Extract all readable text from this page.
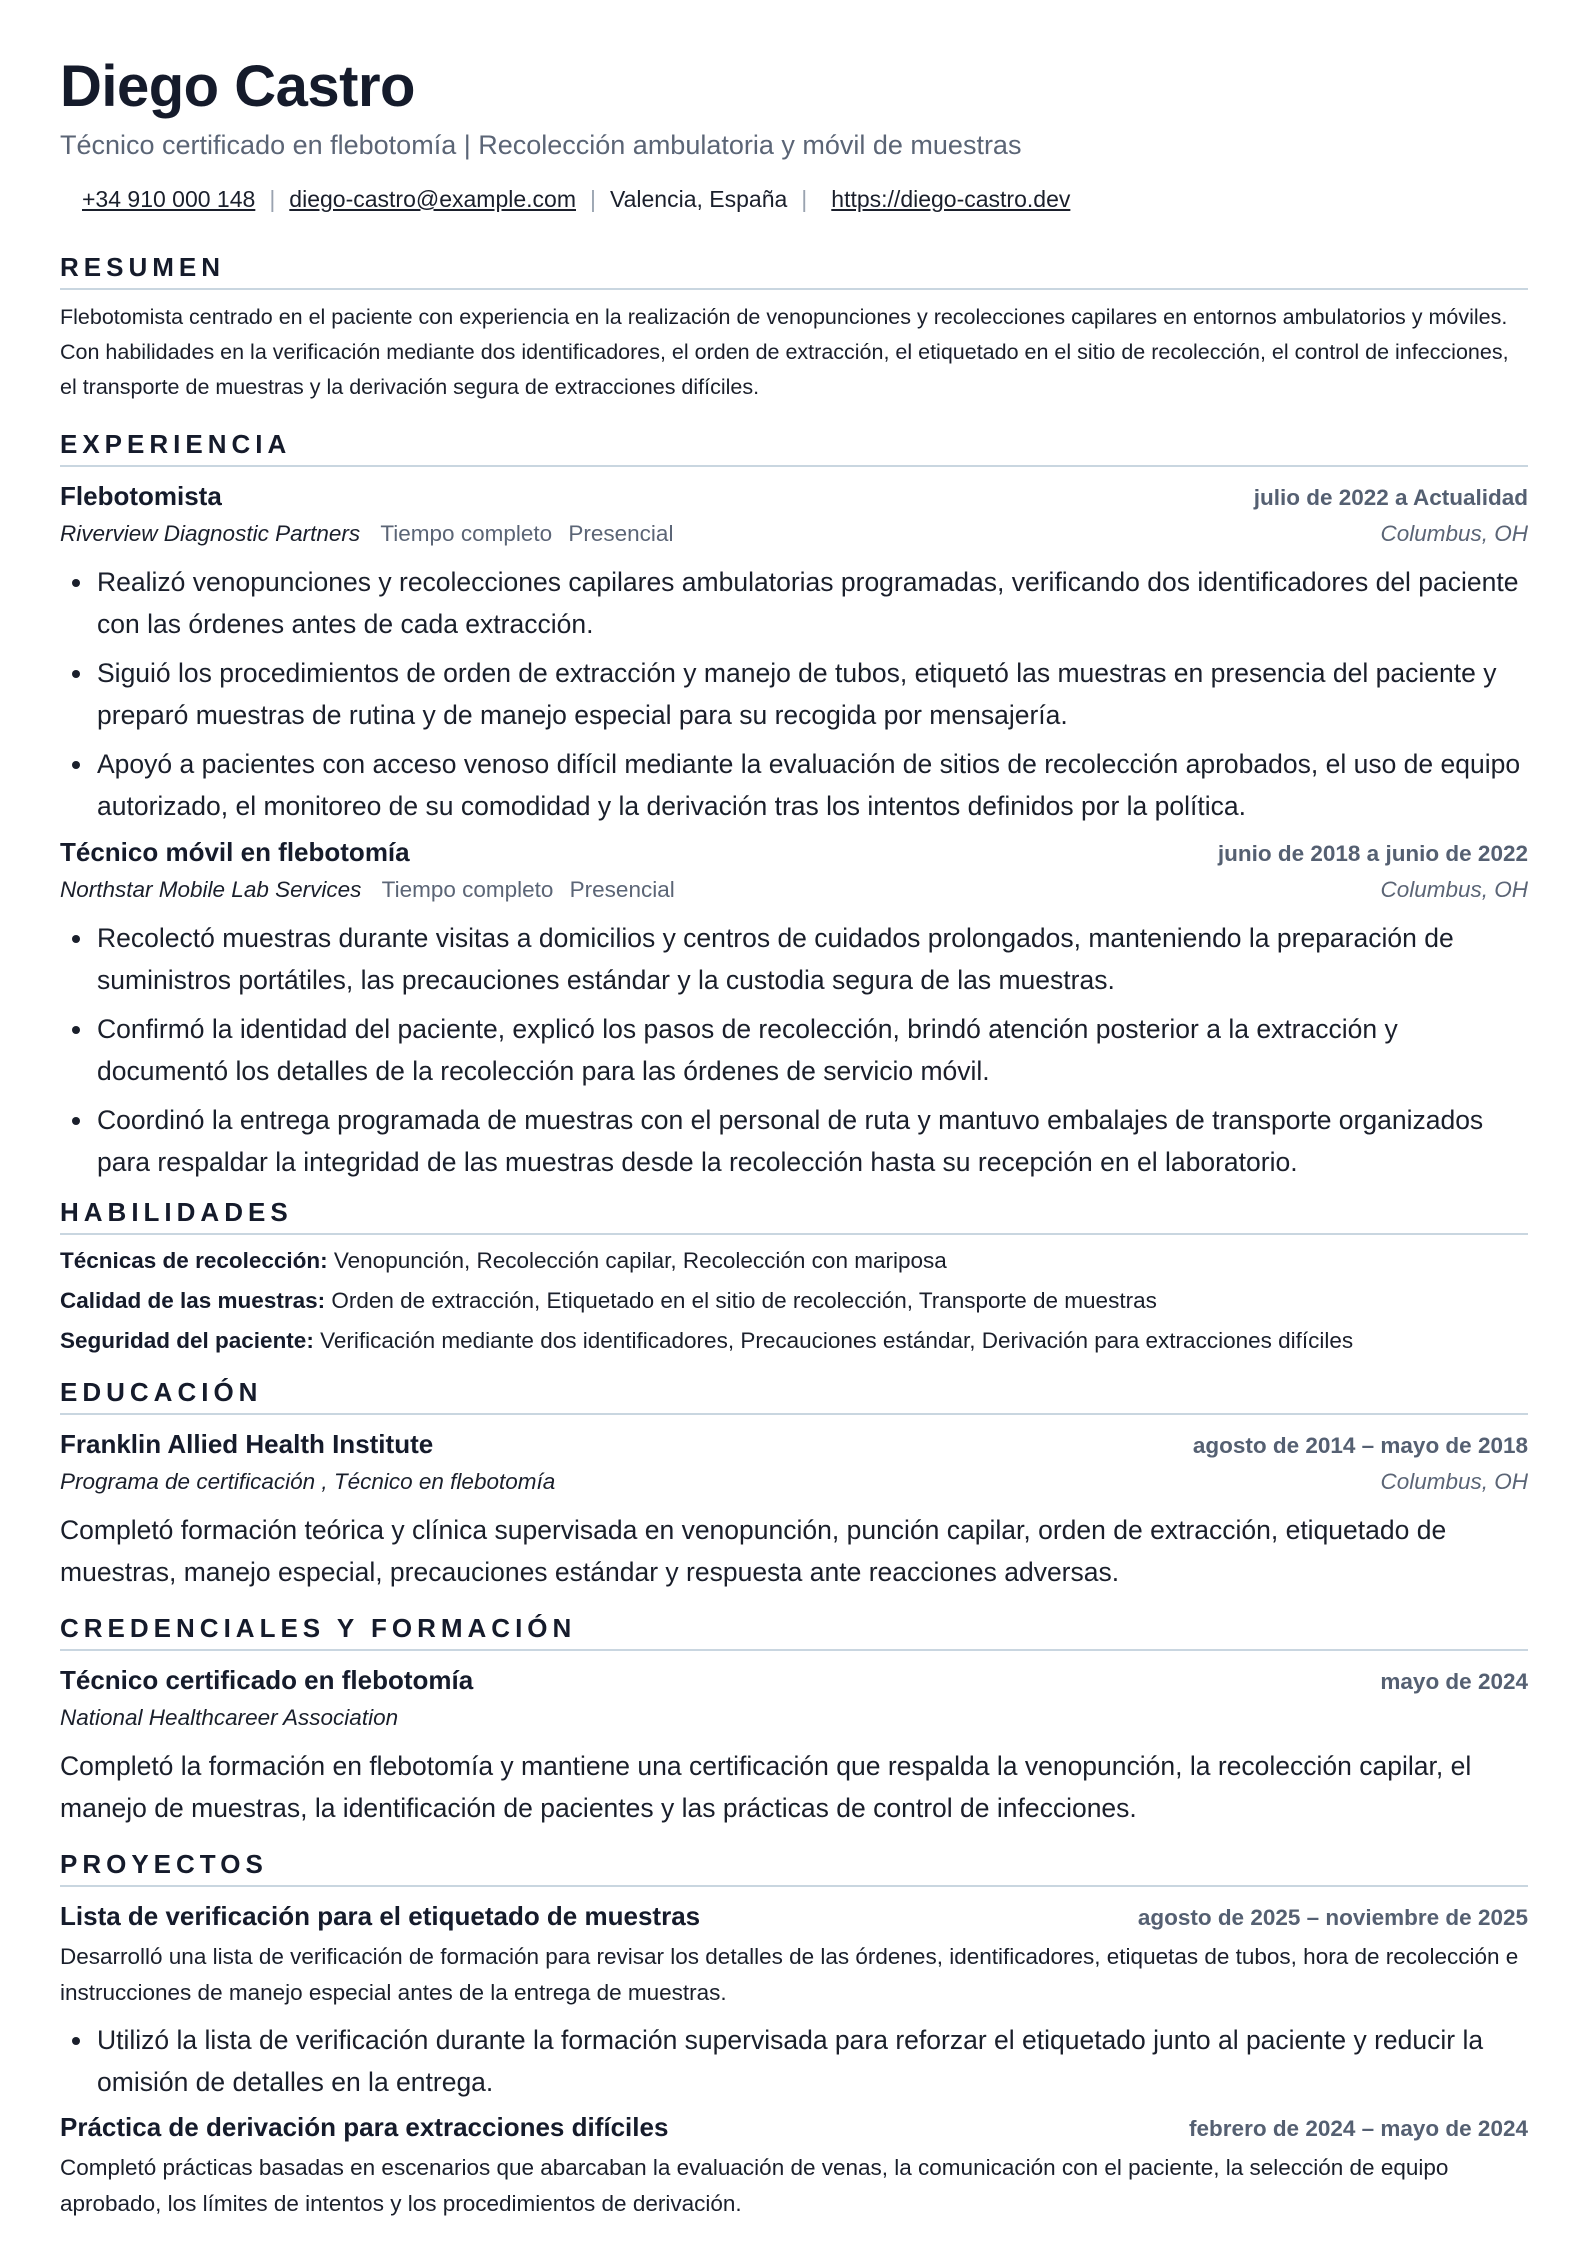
Diego Castro
Técnico certificado en flebotomía | Recolección ambulatoria y móvil de muestras
+34 910 000 148 | diego-castro@example.com | Valencia, España | https://diego-castro.dev
RESUMEN
Flebotomista centrado en el paciente con experiencia en la realización de venopunciones y recolecciones capilares en entornos ambulatorios y móviles. Con habilidades en la verificación mediante dos identificadores, el orden de extracción, el etiquetado en el sitio de recolección, el control de infecciones, el transporte de muestras y la derivación segura de extracciones difíciles.
EXPERIENCIA
Flebotomista	julio de 2022 a Actualidad
Riverview Diagnostic Partners Tiempo completo Presencial	Columbus, OH
• Realizó venopunciones y recolecciones capilares ambulatorias programadas, verificando dos identificadores del paciente con las órdenes antes de cada extracción.
• Siguió los procedimientos de orden de extracción y manejo de tubos, etiquetó las muestras en presencia del paciente y preparó muestras de rutina y de manejo especial para su recogida por mensajería.
• Apoyó a pacientes con acceso venoso difícil mediante la evaluación de sitios de recolección aprobados, el uso de equipo autorizado, el monitoreo de su comodidad y la derivación tras los intentos definidos por la política.
Técnico móvil en flebotomía	junio de 2018 a junio de 2022
Northstar Mobile Lab Services Tiempo completo Presencial	Columbus, OH
• Recolectó muestras durante visitas a domicilios y centros de cuidados prolongados, manteniendo la preparación de suministros portátiles, las precauciones estándar y la custodia segura de las muestras.
• Confirmó la identidad del paciente, explicó los pasos de recolección, brindó atención posterior a la extracción y documentó los detalles de la recolección para las órdenes de servicio móvil.
• Coordinó la entrega programada de muestras con el personal de ruta y mantuvo embalajes de transporte organizados para respaldar la integridad de las muestras desde la recolección hasta su recepción en el laboratorio.
HABILIDADES
Técnicas de recolección: Venopunción, Recolección capilar, Recolección con mariposa
Calidad de las muestras: Orden de extracción, Etiquetado en el sitio de recolección, Transporte de muestras
Seguridad del paciente: Verificación mediante dos identificadores, Precauciones estándar, Derivación para extracciones difíciles
EDUCACIÓN
Franklin Allied Health Institute	agosto de 2014 – mayo de 2018
Programa de certificación , Técnico en flebotomía	Columbus, OH
Completó formación teórica y clínica supervisada en venopunción, punción capilar, orden de extracción, etiquetado de muestras, manejo especial, precauciones estándar y respuesta ante reacciones adversas.
CREDENCIALES Y FORMACIÓN
Técnico certificado en flebotomía	mayo de 2024
National Healthcareer Association
Completó la formación en flebotomía y mantiene una certificación que respalda la venopunción, la recolección capilar, el manejo de muestras, la identificación de pacientes y las prácticas de control de infecciones.
PROYECTOS
Lista de verificación para el etiquetado de muestras	agosto de 2025 – noviembre de 2025
Desarrolló una lista de verificación de formación para revisar los detalles de las órdenes, identificadores, etiquetas de tubos, hora de recolección e instrucciones de manejo especial antes de la entrega de muestras.
• Utilizó la lista de verificación durante la formación supervisada para reforzar el etiquetado junto al paciente y reducir la omisión de detalles en la entrega.
Práctica de derivación para extracciones difíciles	febrero de 2024 – mayo de 2024
Completó prácticas basadas en escenarios que abarcaban la evaluación de venas, la comunicación con el paciente, la selección de equipo aprobado, los límites de intentos y los procedimientos de derivación.
